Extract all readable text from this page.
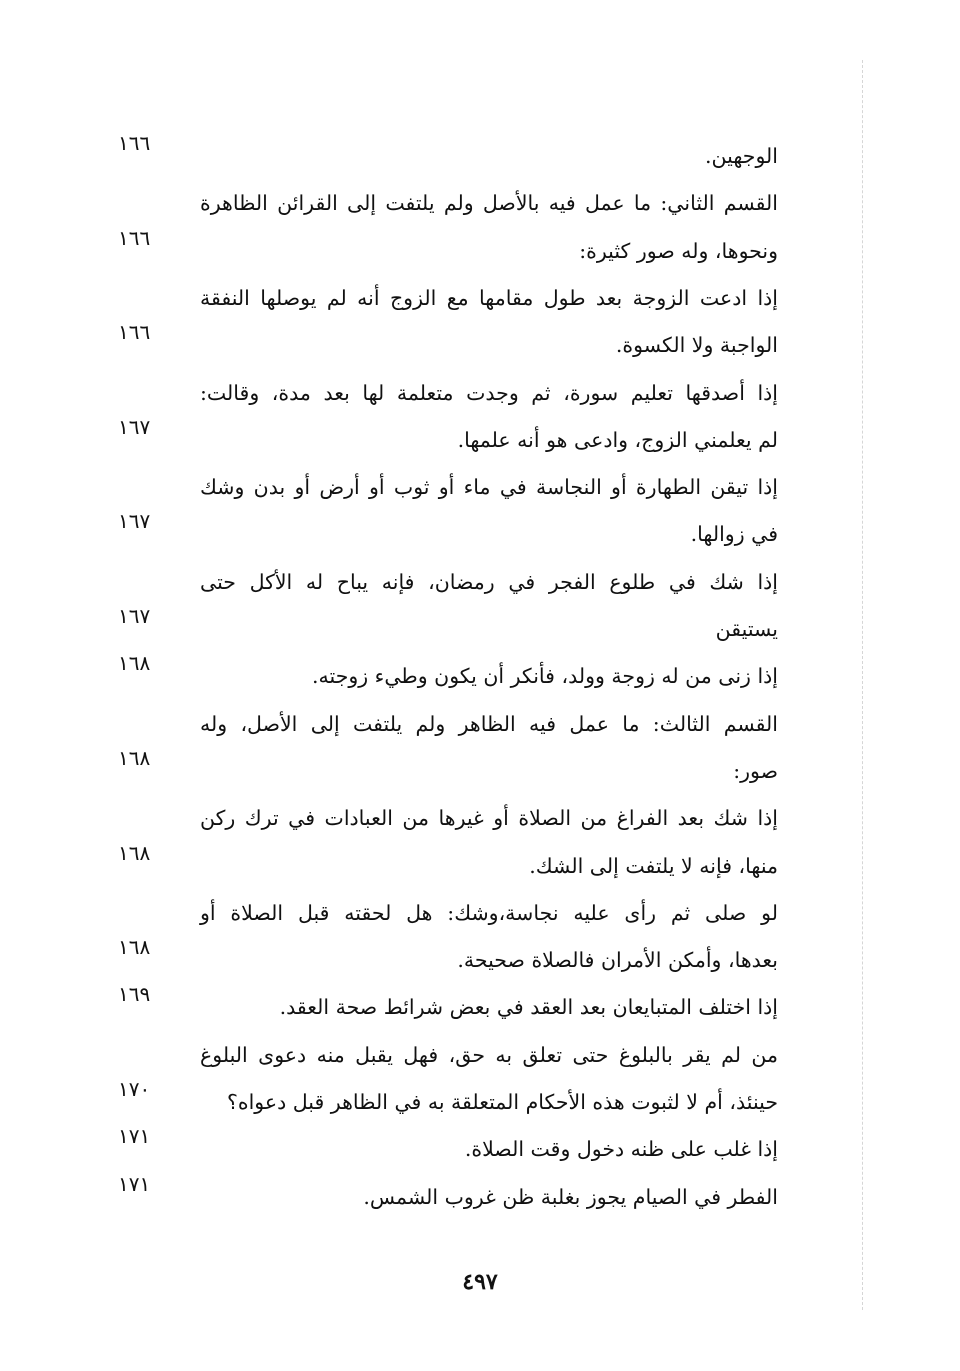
الوجهين.
١٦٦
القسم الثاني: ما عمل فيه بالأصل ولم يلتفت إلى القرائن الظاهرة
ونحوها، وله صور كثيرة:
١٦٦
إذا ادعت الزوجة بعد طول مقامها مع الزوج أنه لم يوصلها النفقة
الواجبة ولا الكسوة.
١٦٦
إذا أصدقها تعليم سورة، ثم وجدت متعلمة لها بعد مدة، وقالت:
لم يعلمني الزوج، وادعى هو أنه علمها.
١٦٧
إذا تيقن الطهارة أو النجاسة في ماء أو ثوب أو أرض أو بدن وشك
في زوالها.
١٦٧
إذا شك في طلوع الفجر في رمضان، فإنه يباح له الأكل حتى
يستيقن
١٦٧
إذا زنى من له زوجة وولد، فأنكر أن يكون وطيء زوجته.
١٦٨
القسم الثالث: ما عمل فيه الظاهر ولم يلتفت إلى الأصل، وله
صور:
١٦٨
إذا شك بعد الفراغ من الصلاة أو غيرها من العبادات في ترك ركن
منها، فإنه لا يلتفت إلى الشك.
١٦٨
لو صلى ثم رأى عليه نجاسة،وشك: هل لحقته قبل الصلاة أو
بعدها، وأمكن الأمران فالصلاة صحيحة.
١٦٨
إذا اختلف المتبايعان بعد العقد في بعض شرائط صحة العقد.
١٦٩
من لم يقر بالبلوغ حتى تعلق به حق، فهل يقبل منه دعوى البلوغ
حينئذ، أم لا لثبوت هذه الأحكام المتعلقة به في الظاهر قبل دعواه؟
١٧٠
إذا غلب على ظنه دخول وقت الصلاة.
١٧١
الفطر في الصيام يجوز بغلبة ظن غروب الشمس.
١٧١
٤٩٧
